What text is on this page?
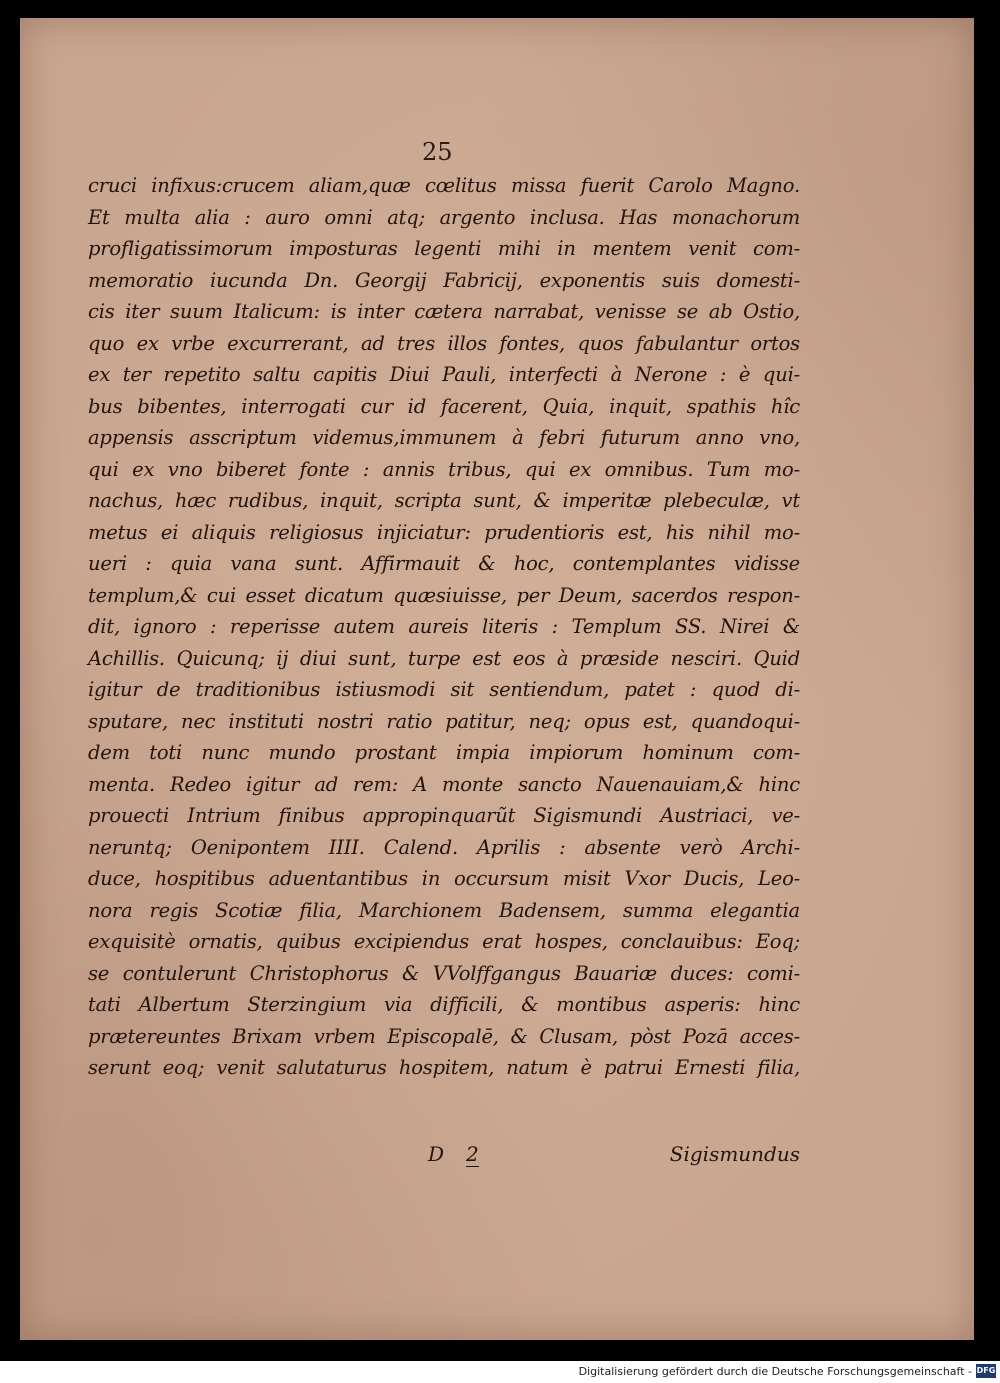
25
cruci infixus:crucem aliam,quæ cœlitus missa fuerit Carolo Magno.
Et multa alia : auro omni atq; argento inclusa. Has monachorum
profligatissimorum imposturas legenti mihi in mentem venit com-
memoratio iucunda Dn. Georgij Fabricij, exponentis suis domesti-
cis iter suum Italicum: is inter cætera narrabat, venisse se ab Ostio,
quo ex vrbe excurrerant, ad tres illos fontes, quos fabulantur ortos
ex ter repetito saltu capitis Diui Pauli, interfecti à Nerone : è qui-
bus bibentes, interrogati cur id facerent, Quia, inquit, spathis hîc
appensis asscriptum videmus,immunem à febri futurum anno vno,
qui ex vno biberet fonte : annis tribus, qui ex omnibus. Tum mo-
nachus, hæc rudibus, inquit, scripta sunt, & imperitæ plebeculæ, vt
metus ei aliquis religiosus injiciatur: prudentioris est, his nihil mo-
ueri : quia vana sunt. Affirmauit & hoc, contemplantes vidisse
templum,& cui esset dicatum quæsiuisse, per Deum, sacerdos respon-
dit, ignoro : reperisse autem aureis literis : Templum SS. Nirei &
Achillis. Quicunq; ij diui sunt, turpe est eos à præside nesciri. Quid
igitur de traditionibus istiusmodi sit sentiendum, patet : quod di-
sputare, nec instituti nostri ratio patitur, neq; opus est, quandoqui-
dem toti nunc mundo prostant impia impiorum hominum com-
menta. Redeo igitur ad rem: A monte sancto Nauenauiam,& hinc
prouecti Intrium finibus appropinquarũt Sigismundi Austriaci, ve-
neruntq; Oenipontem IIII. Calend. Aprilis : absente verò Archi-
duce, hospitibus aduentantibus in occursum misit Vxor Ducis, Leo-
nora regis Scotiæ filia, Marchionem Badensem, summa elegantia
exquisitè ornatis, quibus excipiendus erat hospes, conclauibus: Eoq;
se contulerunt Christophorus & VVolffgangus Bauariæ duces: comi-
tati Albertum Sterzingium via difficili, & montibus asperis: hinc
prætereuntes Brixam vrbem Episcopalē, & Clusam, pòst Pozā acces-
serunt eoq; venit salutaturus hospitem, natum è patrui Ernesti filia,
D 2	Sigismundus
Digitalisierung gefördert durch die Deutsche Forschungsgemeinschaft - DFG
